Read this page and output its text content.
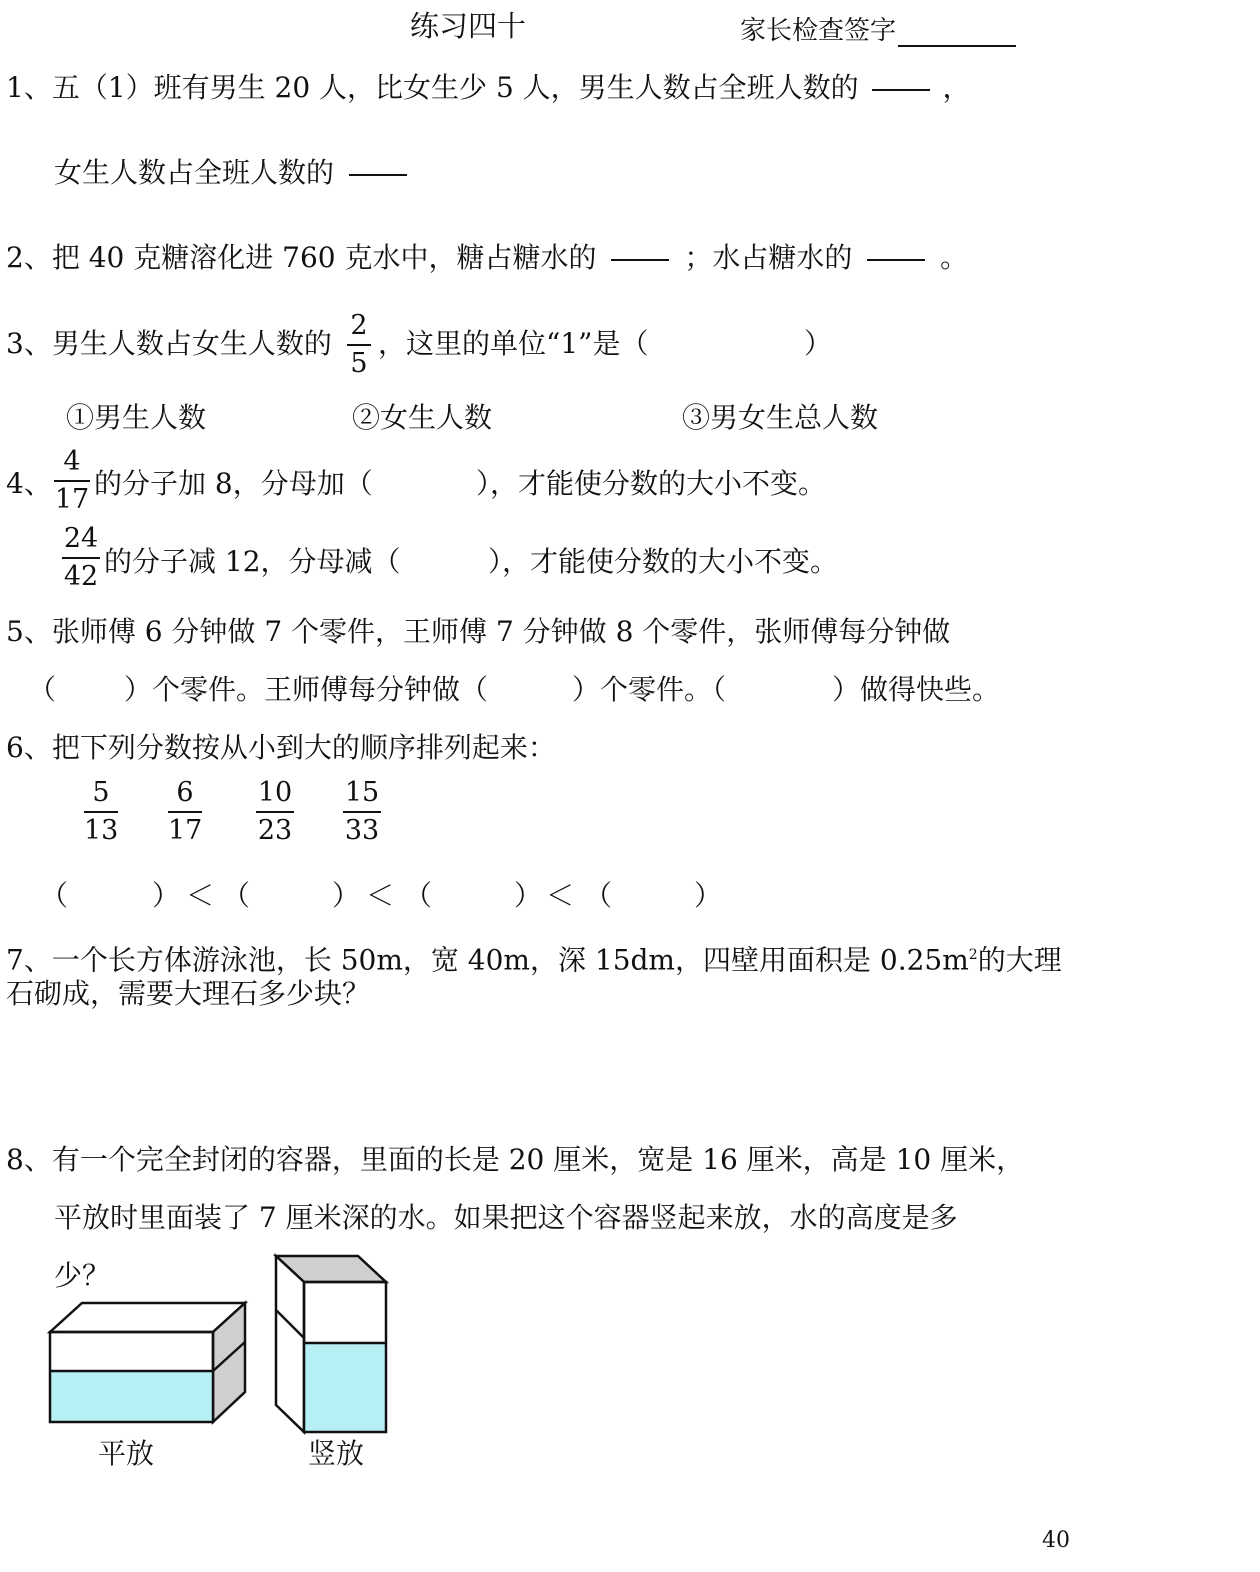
练习四十	家长检查签字
1、五（1）班有男生 20 人，比女生少 5 人，男生人数占全班人数的	，
女生人数占全班人数的
2、把 40 克糖溶化进 760 克水中，糖占糖水的	；水占糖水的	。
3、男生人数占女生人数的
2
5
，这里的单位“1”是（	）
①男生人数	②女生人数	③男女生总人数
4、
4
17 的分子加 8，分母加（	），才能使分数的大小不变。
24
42 的分子减 12，分母减（	），才能使分数的大小不变。
5、张师傅 6 分钟做 7 个零件，王师傅 7 分钟做 8 个零件，张师傅每分钟做
（ ）个零件。王师傅每分钟做（	）个零件。（	）做得快些。
6、把下列分数按从小到大的顺序排列起来：
5
13
6
17
10
23
15
33
（	） ＜ （	） ＜ （	） ＜ （	）
7、一个长方体游泳池，长 50m，宽 40m，深 15dm，四壁用面积是 $0.25m^2$的大理
石砌成，需要大理石多少块？
8、有一个完全封闭的容器，里面的长是 20 厘米，宽是 16 厘米，高是 10 厘米，
平放时里面装了 7 厘米深的水。如果把这个容器竖起来放，水的高度是多
少？
平放	竖放
40
